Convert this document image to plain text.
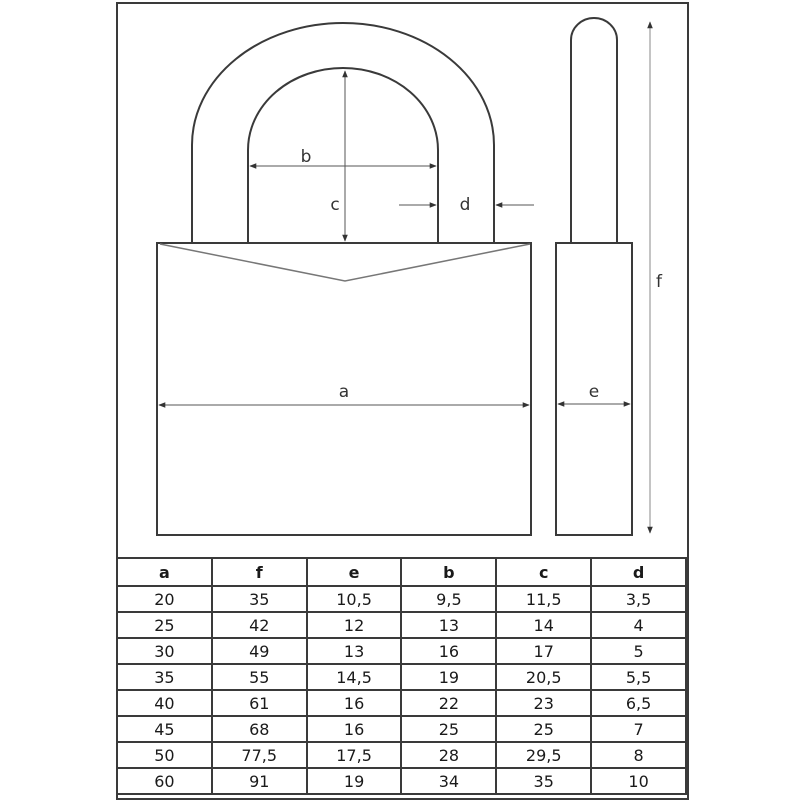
a
b
c	d
e
f
a	f	e	b	c	d
20	35	10,5	9,5	11,5	3,5
25	42	12	13	14	4
30	49	13	16	17	5
35	55	14,5	19	20,5	5,5
40	61	16	22	23	6,5
45	68	16	25	25	7
50	77,5	17,5	28	29,5	8
60	91	19	34	35	10
